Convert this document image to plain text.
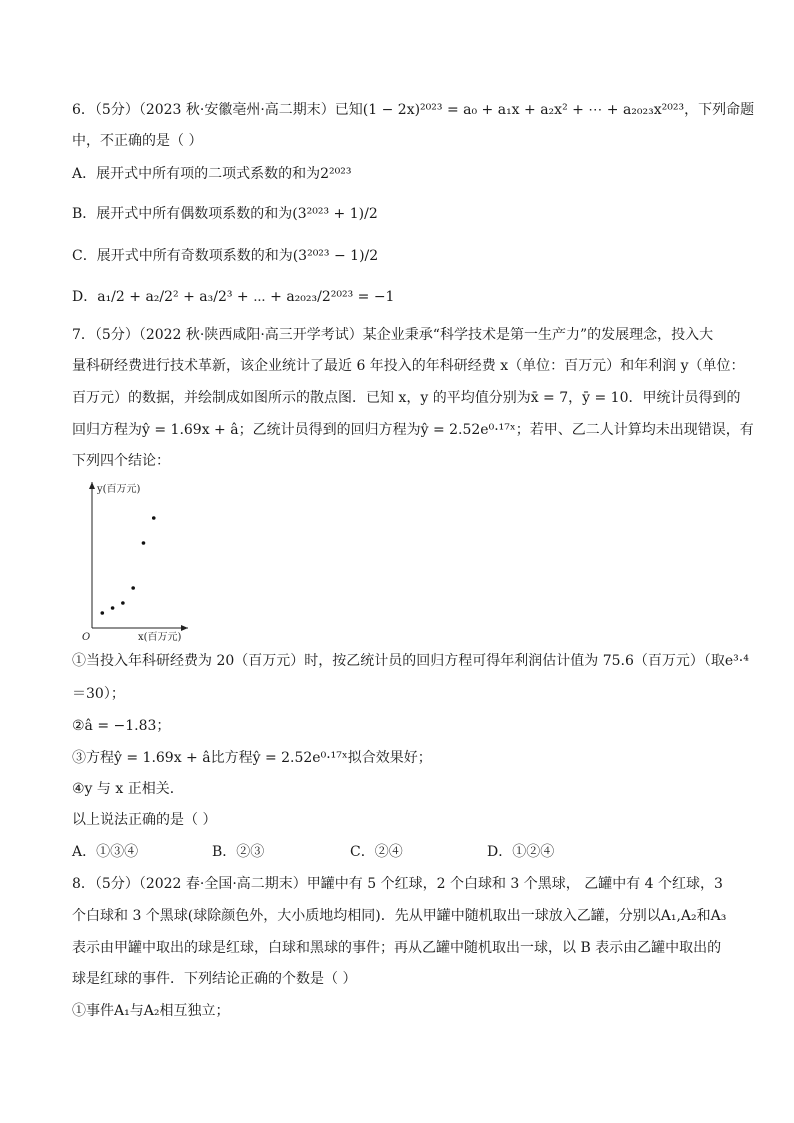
6．（5分）（2023 秋·安徽亳州·高二期末）已知(1 − 2x)²⁰²³ = a₀ + a₁x + a₂x² + ⋯ + a₂₀₂₃x²⁰²³，下列命题
中，不正确的是（ ）
A．展开式中所有项的二项式系数的和为2²⁰²³
B．展开式中所有偶数项系数的和为(3²⁰²³ + 1)/2
C．展开式中所有奇数项系数的和为(3²⁰²³ − 1)/2
D．a₁/2 + a₂/2² + a₃/2³ + ⋯ + a₂₀₂₃/2²⁰²³ = −1
7．（5分）（2022 秋·陕西咸阳·高三开学考试）某企业秉承“科学技术是第一生产力”的发展理念，投入大
量科研经费进行技术革新，该企业统计了最近 6 年投入的年科研经费 x（单位：百万元）和年利润 y（单位：
百万元）的数据，并绘制成如图所示的散点图．已知 x，y 的平均值分别为x̄ = 7，ȳ = 10．甲统计员得到的
回归方程为ŷ = 1.69x + â；乙统计员得到的回归方程为ŷ = 2.52e⁰·¹⁷ˣ；若甲、乙二人计算均未出现错误，有
下列四个结论：
y(百万元)
x(百万元)
O
①当投入年科研经费为 20（百万元）时，按乙统计员的回归方程可得年利润估计值为 75.6（百万元）（取e³·⁴
＝30）；
②â = −1.83；
③方程ŷ = 1.69x + â比方程ŷ = 2.52e⁰·¹⁷ˣ拟合效果好；
④y 与 x 正相关．
以上说法正确的是（ ）
A．①③④	B．②③	C．②④	D．①②④
8．（5分）（2022 春·全国·高二期末）甲罐中有 5 个红球，2 个白球和 3 个黑球， 乙罐中有 4 个红球，3
个白球和 3 个黑球(球除颜色外，大小质地均相同)．先从甲罐中随机取出一球放入乙罐，分别以A₁,A₂和A₃
表示由甲罐中取出的球是红球，白球和黑球的事件；再从乙罐中随机取出一球，以 B 表示由乙罐中取出的
球是红球的事件．下列结论正确的个数是（ ）
①事件A₁与A₂相互独立；
